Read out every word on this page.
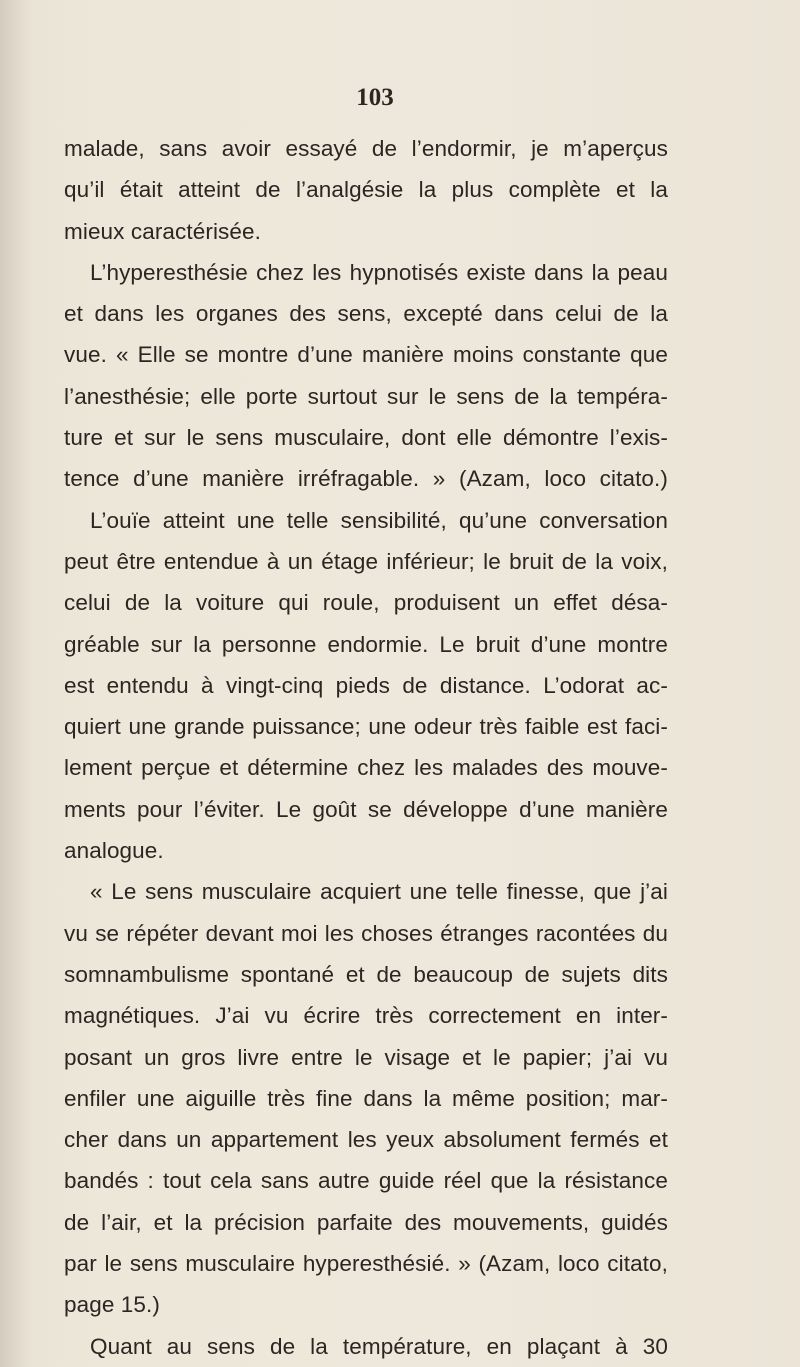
103
malade, sans avoir essayé de l’endormir, je m’aperçus
qu’il était atteint de l’analgésie la plus complète et la
mieux caractérisée.
L’hyperesthésie chez les hypnotisés existe dans la peau
et dans les organes des sens, excepté dans celui de la
vue. « Elle se montre d’une manière moins constante que
l’anesthésie; elle porte surtout sur le sens de la tempéra-
ture et sur le sens musculaire, dont elle démontre l’exis-
tence d’une manière irréfragable. » (Azam, loco citato.)
L’ouïe atteint une telle sensibilité, qu’une conversation
peut être entendue à un étage inférieur; le bruit de la voix,
celui de la voiture qui roule, produisent un effet désa-
gréable sur la personne endormie. Le bruit d’une montre
est entendu à vingt-cinq pieds de distance. L’odorat ac-
quiert une grande puissance; une odeur très faible est faci-
lement perçue et détermine chez les malades des mouve-
ments pour l’éviter. Le goût se développe d’une manière
analogue.
« Le sens musculaire acquiert une telle finesse, que j’ai
vu se répéter devant moi les choses étranges racontées du
somnambulisme spontané et de beaucoup de sujets dits
magnétiques. J’ai vu écrire très correctement en inter-
posant un gros livre entre le visage et le papier; j’ai vu
enfiler une aiguille très fine dans la même position; mar-
cher dans un appartement les yeux absolument fermés et
bandés : tout cela sans autre guide réel que la résistance
de l’air, et la précision parfaite des mouvements, guidés
par le sens musculaire hyperesthésié. » (Azam, loco citato,
page 15.)
Quant au sens de la température, en plaçant à 30
